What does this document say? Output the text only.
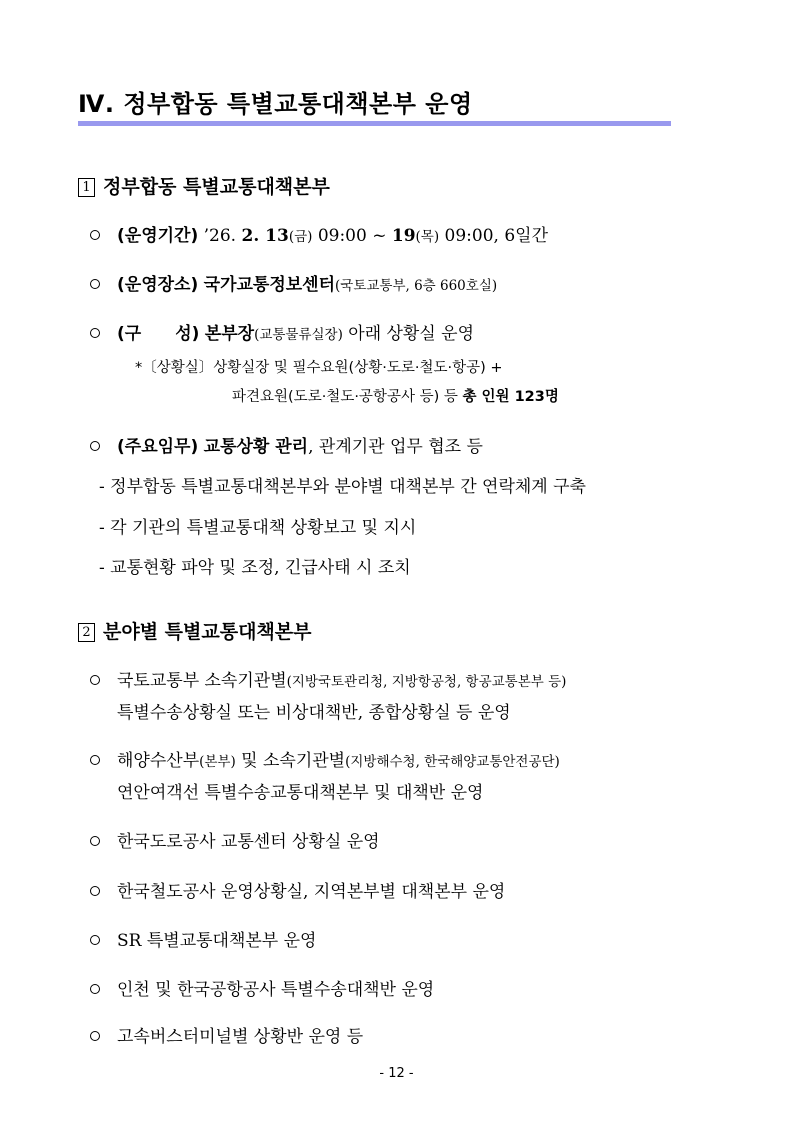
Ⅳ. 정부합동 특별교통대책본부 운영
1 정부합동 특별교통대책본부
(운영기간) ’26. 2. 13(금) 09:00 ~ 19(목) 09:00, 6일간
(운영장소) 국가교통정보센터(국토교통부, 6층 660호실)
(구　　성) 본부장(교통물류실장) 아래 상황실 운영
*〔상황실〕상황실장 및 필수요원(상황·도로·철도·항공) +
파견요원(도로·철도·공항공사 등) 등 총 인원 123명
(주요임무) 교통상황 관리, 관계기관 업무 협조 등
- 정부합동 특별교통대책본부와 분야별 대책본부 간 연락체계 구축
- 각 기관의 특별교통대책 상황보고 및 지시
- 교통현황 파악 및 조정, 긴급사태 시 조치
2 분야별 특별교통대책본부
국토교통부 소속기관별(지방국토관리청, 지방항공청, 항공교통본부 등)
특별수송상황실 또는 비상대책반, 종합상황실 등 운영
해양수산부(본부) 및 소속기관별(지방해수청, 한국해양교통안전공단)
연안여객선 특별수송교통대책본부 및 대책반 운영
한국도로공사 교통센터 상황실 운영
한국철도공사 운영상황실, 지역본부별 대책본부 운영
SR 특별교통대책본부 운영
인천 및 한국공항공사 특별수송대책반 운영
고속버스터미널별 상황반 운영 등
- 12 -
